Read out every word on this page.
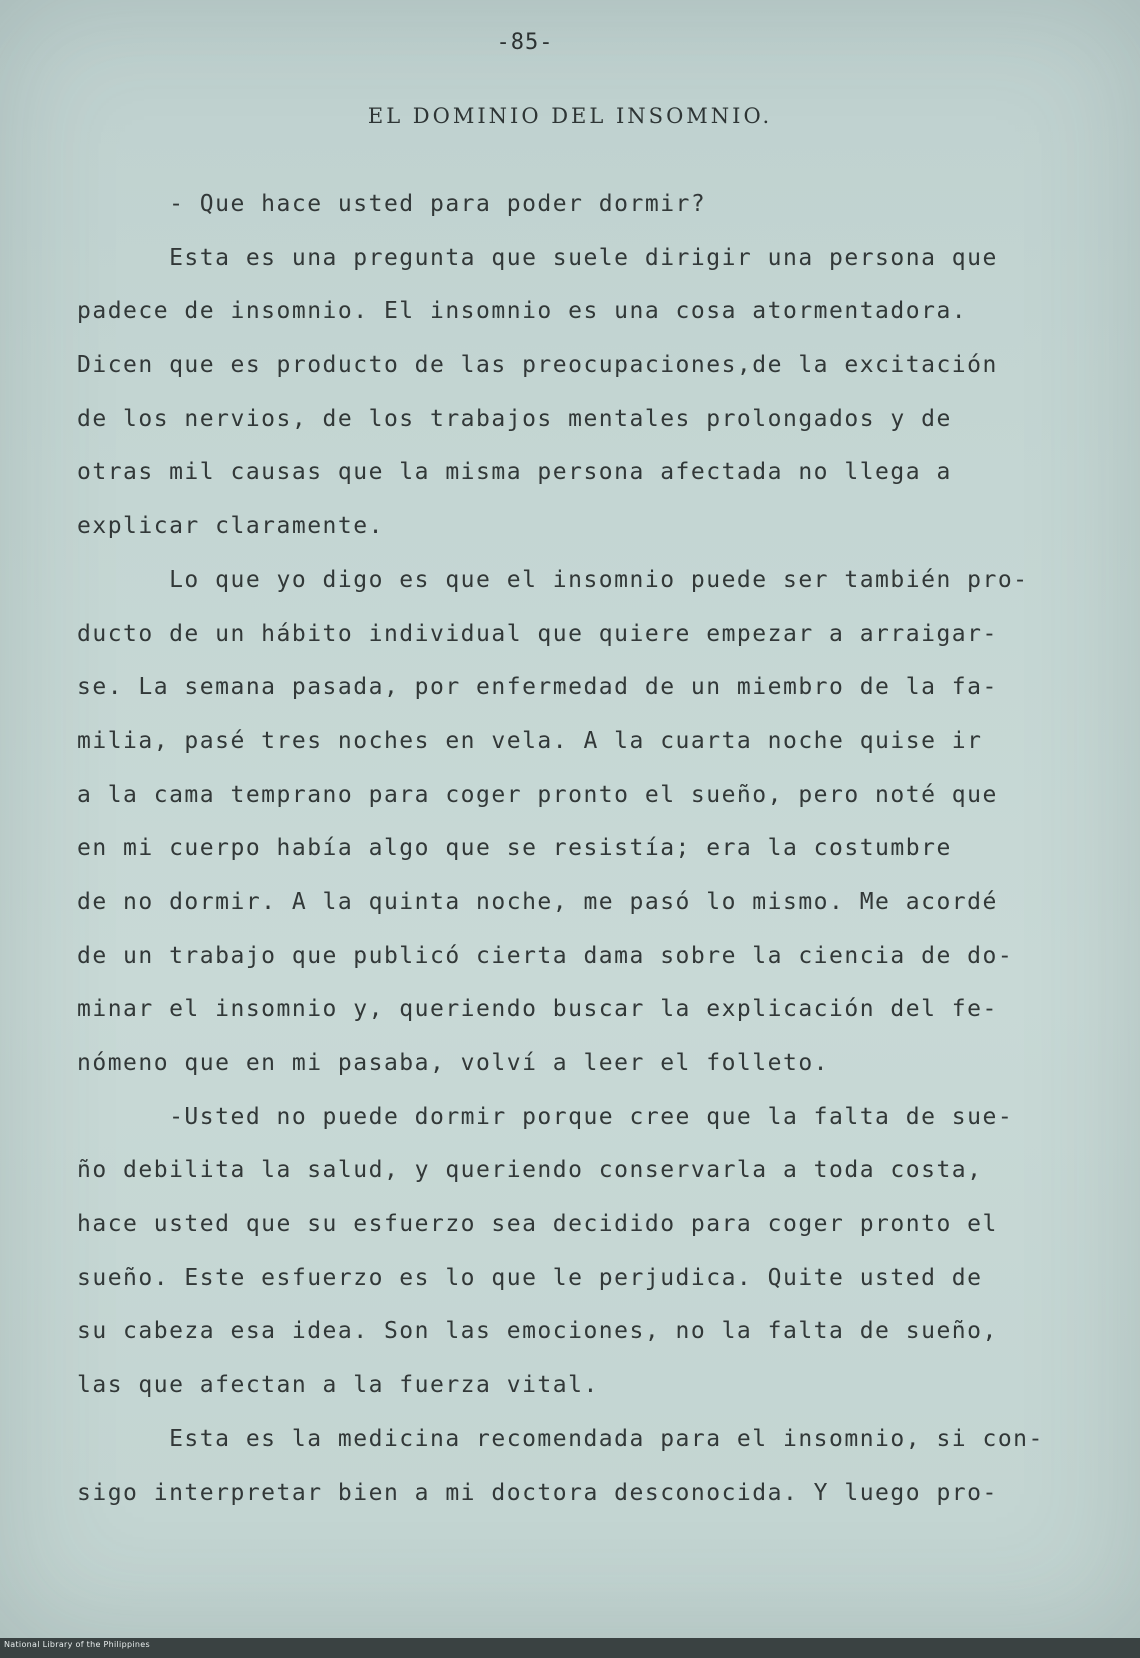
-85-
EL DOMINIO DEL INSOMNIO.
- Que hace usted para poder dormir?
Esta es una pregunta que suele dirigir una persona que
padece de insomnio. El insomnio es una cosa atormentadora.
Dicen que es producto de las preocupaciones,de la excitación
de los nervios, de los trabajos mentales prolongados y de
otras mil causas que la misma persona afectada no llega a
explicar claramente.
Lo que yo digo es que el insomnio puede ser también pro-
ducto de un hábito individual que quiere empezar a arraigar-
se. La semana pasada, por enfermedad de un miembro de la fa-
milia, pasé tres noches en vela. A la cuarta noche quise ir
a la cama temprano para coger pronto el sueño, pero noté que
en mi cuerpo había algo que se resistía; era la costumbre
de no dormir. A la quinta noche, me pasó lo mismo. Me acordé
de un trabajo que publicó cierta dama sobre la ciencia de do-
minar el insomnio y, queriendo buscar la explicación del fe-
nómeno que en mi pasaba, volví a leer el folleto.
-Usted no puede dormir porque cree que la falta de sue-
ño debilita la salud, y queriendo conservarla a toda costa,
hace usted que su esfuerzo sea decidido para coger pronto el
sueño. Este esfuerzo es lo que le perjudica. Quite usted de
su cabeza esa idea. Son las emociones, no la falta de sueño,
las que afectan a la fuerza vital.
Esta es la medicina recomendada para el insomnio, si con-
sigo interpretar bien a mi doctora desconocida. Y luego pro-
National Library of the Philippines
